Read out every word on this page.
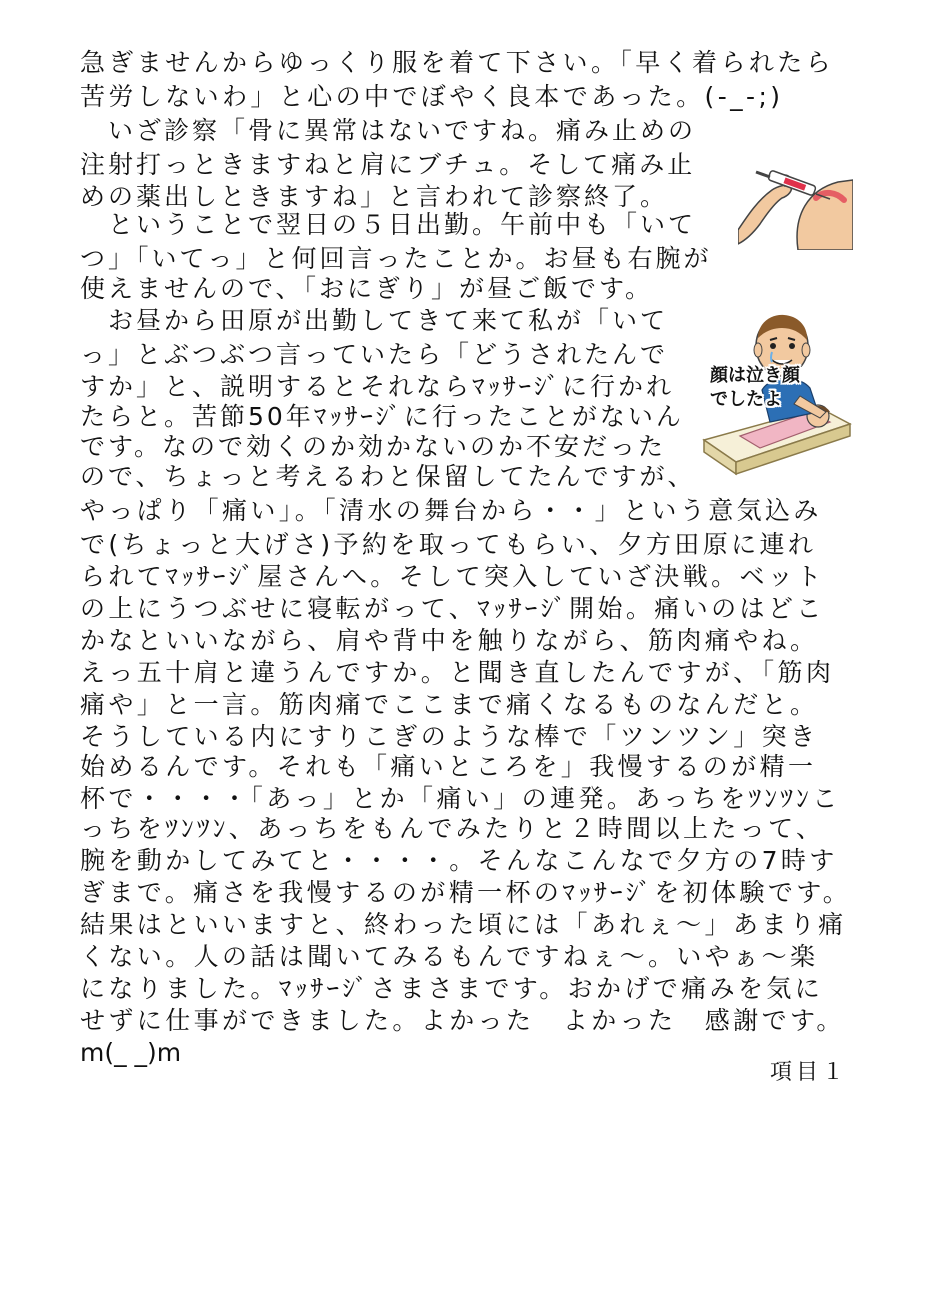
急ぎませんからゆっくり服を着て下さい。「早く着られたら
苦労しないわ」と心の中でぼやく良本であった。(-_-;)
　いざ診察「骨に異常はないですね。痛み止めの
注射打っときますねと肩にブチュ。そして痛み止
めの薬出しときますね」と言われて診察終了。
　ということで翌日の５日出勤。午前中も「いて
つ」「いてっ」と何回言ったことか。お昼も右腕が
使えませんので、「おにぎり」が昼ご飯です。
　お昼から田原が出勤してきて来て私が「いて
っ」とぶつぶつ言っていたら「どうされたんで
すか」と、説明するとそれならﾏｯｻｰｼﾞに行かれ
たらと。苦節50年ﾏｯｻｰｼﾞに行ったことがないん
です。なので効くのか効かないのか不安だった
ので、ちょっと考えるわと保留してたんですが、
やっぱり「痛い」。「清水の舞台から・・」という意気込み
で(ちょっと大げさ)予約を取ってもらい、夕方田原に連れ
られてﾏｯｻｰｼﾞ屋さんへ。そして突入していざ決戦。ベット
の上にうつぶせに寝転がって、ﾏｯｻｰｼﾞ開始。痛いのはどこ
かなといいながら、肩や背中を触りながら、筋肉痛やね。
えっ五十肩と違うんですか。と聞き直したんですが、「筋肉
痛や」と一言。筋肉痛でここまで痛くなるものなんだと。
そうしている内にすりこぎのような棒で「ツンツン」突き
始めるんです。それも「痛いところを」我慢するのが精一
杯で・・・・「あっ」とか「痛い」の連発。あっちをﾂﾝﾂﾝこ
っちをﾂﾝﾂﾝ、あっちをもんでみたりと２時間以上たって、
腕を動かしてみてと・・・・。そんなこんなで夕方の7時す
ぎまで。痛さを我慢するのが精一杯のﾏｯｻｰｼﾞを初体験です。
結果はといいますと、終わった頃には「あれぇ～」あまり痛
くない。人の話は聞いてみるもんですねぇ～。いやぁ～楽
になりました。ﾏｯｻｰｼﾞさまさまです。おかげで痛みを気に
せずに仕事ができました。よかった　よかった　感謝です。
m(_ _)m
項目１
顔は泣き顔
でしたよ
